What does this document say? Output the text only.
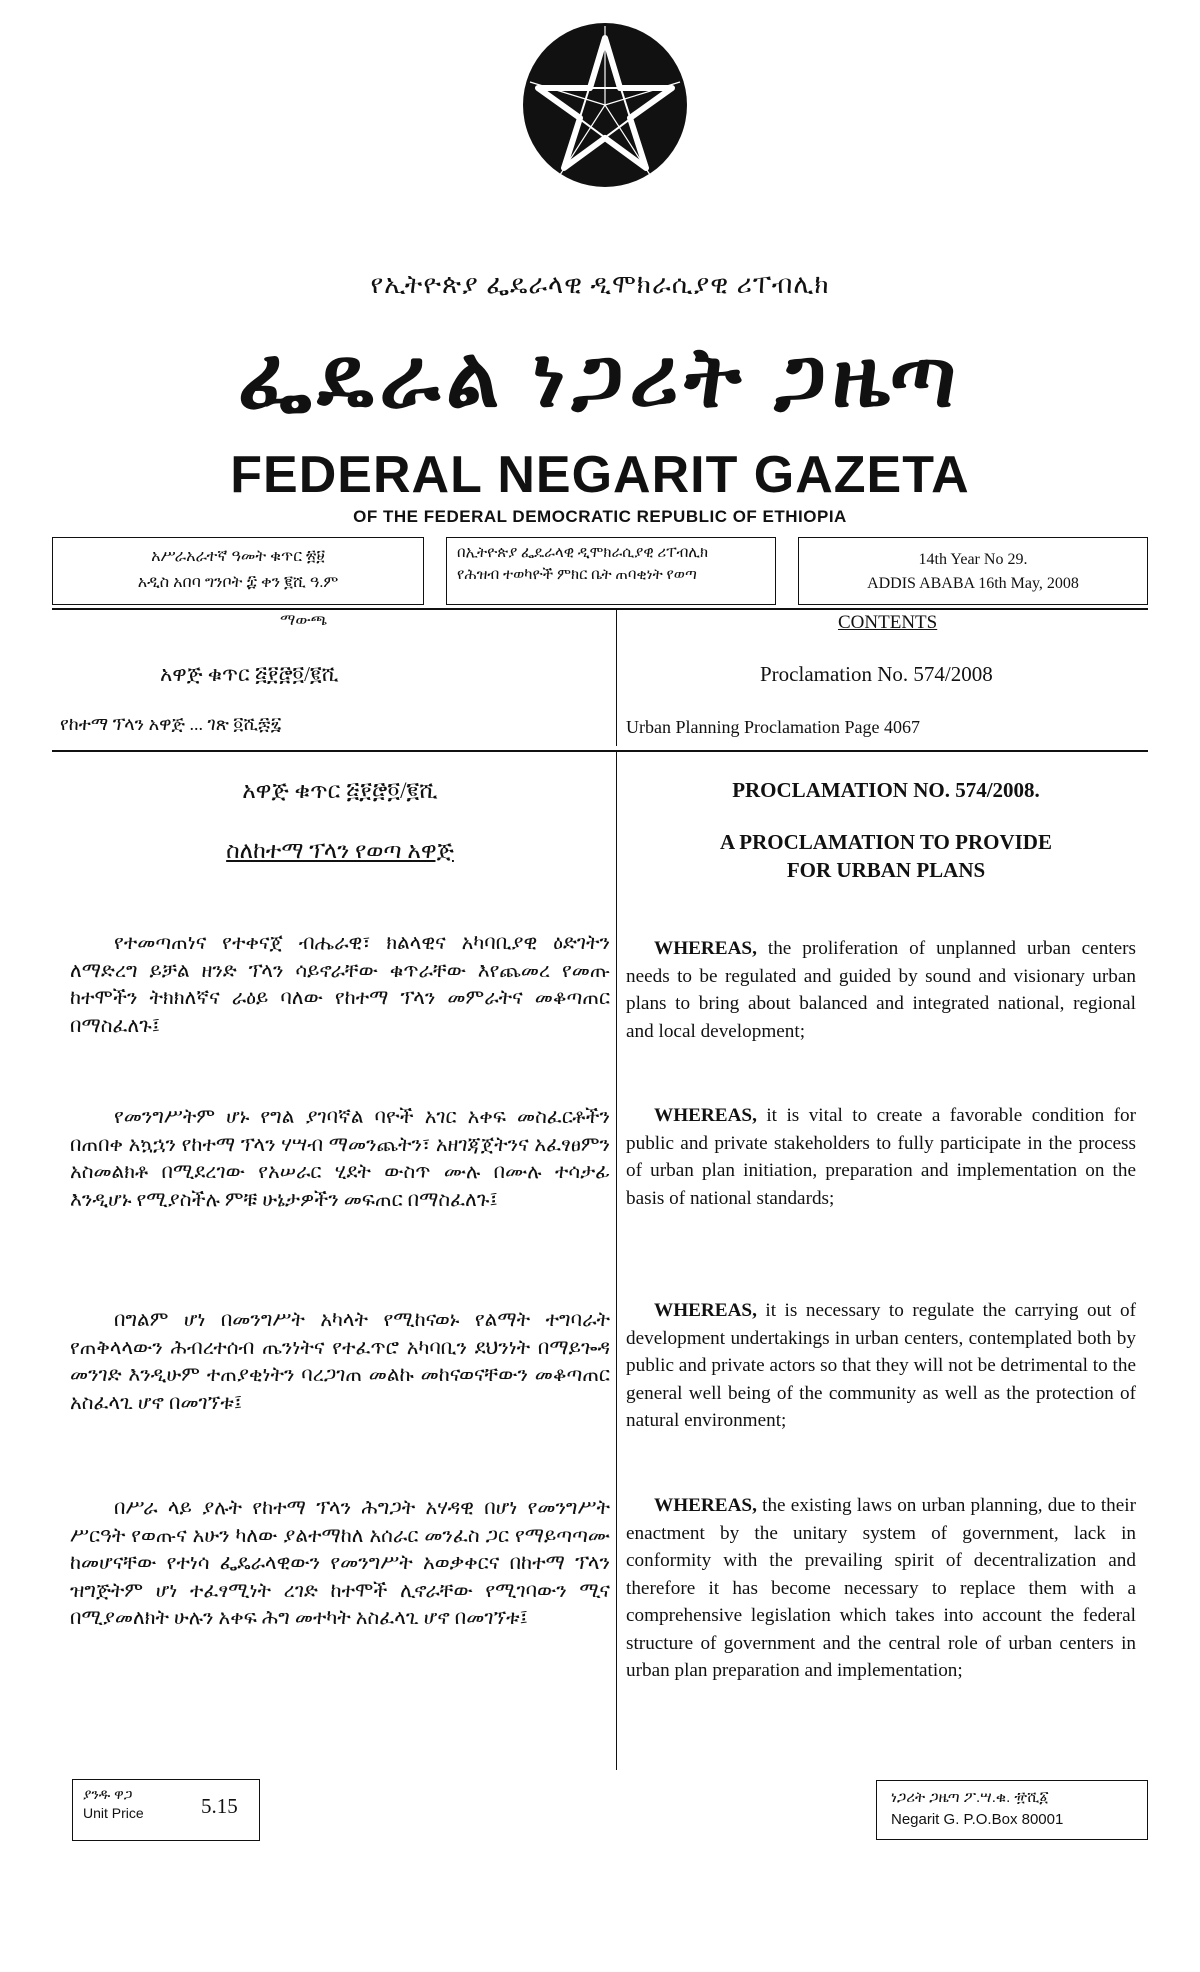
የኢትዮጵያ ፌዴራላዊ ዲሞክራሲያዊ ሪፐብሊክ
ፌዴራል ነጋሪት ጋዜጣ
FEDERAL NEGARIT GAZETA
OF THE FEDERAL DEMOCRATIC REPUBLIC OF ETHIOPIA
አሥራአራተኛ ዓመት ቁጥር ፳፱
አዲስ አበባ ግንቦት ፰ ቀን ፪ሺ ዓ.ም
በኢትዮጵያ ፌዴራላዊ ዲሞክራሲያዊ ሪፐብሊክ
የሕዝብ ተወካዮች ምክር ቤት ጠባቂነት የወጣ
14th Year No 29.
ADDIS ABABA 16th May, 2008
ማውጫ	CONTENTS
አዋጅ ቁጥር ፭፻፸፬/፪ሺ	Proclamation No. 574/2008
የከተማ ፕላን አዋጅ ... ገጽ ፬ሺ፷፯	Urban Planning Proclamation Page 4067
አዋጅ ቁጥር ፭፻፸፬/፪ሺ
ስለከተማ ፕላን የወጣ አዋጅ
PROCLAMATION NO. 574/2008.
A PROCLAMATION TO PROVIDE
FOR URBAN PLANS
የተመጣጠነና የተቀናጀ ብሔራዊ፣ ክልላዊና አካባቢያዊ ዕድገትን ለማድረግ ይቻል ዘንድ ፕላን ሳይኖራቸው ቁጥራቸው እየጨመረ የመጡ ከተሞችን ትክክለኛና ራዕይ ባለው የከተማ ፕላን መምራትና መቆጣጠር በማስፈለጉ፤
የመንግሥትም ሆኑ የግል ያገባኛል ባዮች አገር አቀፍ መስፈርቶችን በጠበቀ አኳኋን የከተማ ፕላን ሃሣብ ማመንጨትን፣ አዘገጃጀትንና አፈፃፀምን አስመልክቶ በሚደረገው የአሠራር ሂደት ውስጥ ሙሉ በሙሉ ተሳታፊ እንዲሆኑ የሚያስችሉ ምቹ ሁኔታዎችን መፍጠር በማስፈለጉ፤
በግልም ሆነ በመንግሥት አካላት የሚከናወኑ የልማት ተግባራት የጠቅላላውን ሕብረተሰብ ጤንነትና የተፈጥሮ አካባቢን ደህንነት በማይጐዳ መንገድ እንዲሁም ተጠያቂነትን ባረጋገጠ መልኩ መከናወናቸውን መቆጣጠር አስፈላጊ ሆኖ በመገኘቱ፤
በሥራ ላይ ያሉት የከተማ ፕላን ሕግጋት አሃዳዊ በሆነ የመንግሥት ሥርዓት የወጡና አሁን ካለው ያልተማከለ አሰራር መንፈስ ጋር የማይጣጣሙ ከመሆናቸው የተነሳ ፌዴራላዊውን የመንግሥት አወቃቀርና በከተማ ፕላን ዝግጅትም ሆነ ተፈፃሚነት ረገድ ከተሞች ሊኖራቸው የሚገባውን ሚና በሚያመለክት ሁሉን አቀፍ ሕግ መተካት አስፈላጊ ሆኖ በመገኘቱ፤
WHEREAS, the proliferation of unplanned urban centers needs to be regulated and guided by sound and visionary urban plans to bring about balanced and integrated national, regional and local development;
WHEREAS, it is vital to create a favorable condition for public and private stakeholders to fully participate in the process of urban plan initiation, preparation and implementation on the basis of national standards;
WHEREAS, it is necessary to regulate the carrying out of development undertakings in urban centers, contemplated both by public and private actors so that they will not be detrimental to the general well being of the community as well as the protection of natural environment;
WHEREAS, the existing laws on urban planning, due to their enactment by the unitary system of government, lack in conformity with the prevailing spirit of decentralization and therefore it has become necessary to replace them with a comprehensive legislation which takes into account the federal structure of government and the central role of urban centers in urban plan preparation and implementation;
ያንዱ ዋጋ
Unit Price	5.15	ነጋሪት ጋዜጣ ፖ.ሣ.ቁ. ፹ሺ፩
Negarit G. P.O.Box 80001
